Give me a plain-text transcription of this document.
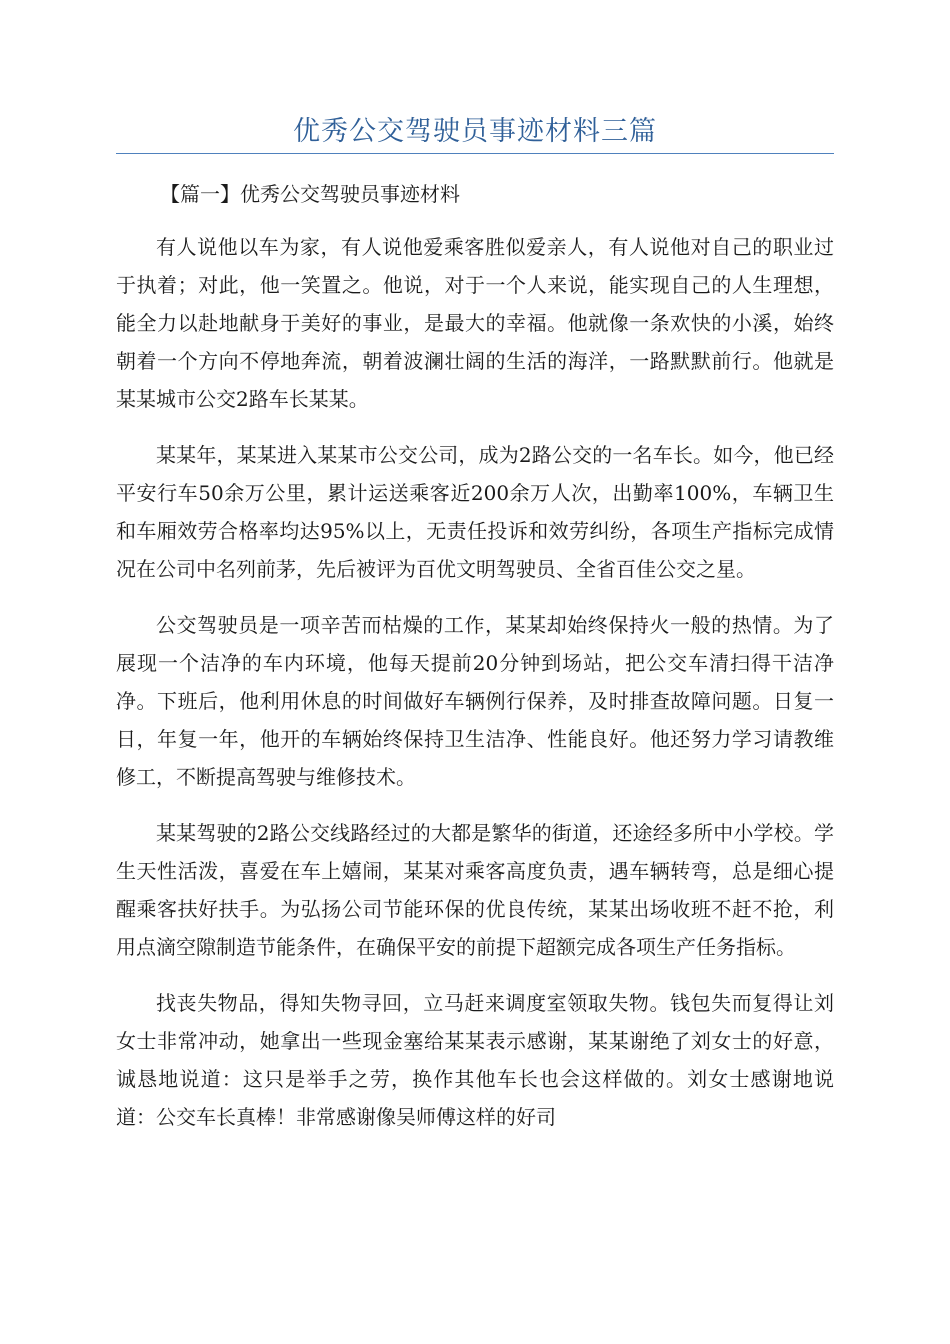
优秀公交驾驶员事迹材料三篇
【篇一】优秀公交驾驶员事迹材料

有人说他以车为家，有人说他爱乘客胜似爱亲人，有人说他对自己的职业过于执着；对此，他一笑置之。他说，对于一个人来说，能实现自己的人生理想，能全力以赴地献身于美好的事业，是最大的幸福。他就像一条欢快的小溪，始终朝着一个方向不停地奔流，朝着波澜壮阔的生活的海洋，一路默默前行。他就是某某城市公交2路车长某某。

某某年，某某进入某某市公交公司，成为2路公交的一名车长。如今，他已经平安行车50余万公里，累计运送乘客近200余万人次，出勤率100%，车辆卫生和车厢效劳合格率均达95%以上，无责任投诉和效劳纠纷，各项生产指标完成情况在公司中名列前茅，先后被评为百优文明驾驶员、全省百佳公交之星。

公交驾驶员是一项辛苦而枯燥的工作，某某却始终保持火一般的热情。为了展现一个洁净的车内环境，他每天提前20分钟到场站，把公交车清扫得干洁净净。下班后，他利用休息的时间做好车辆例行保养，及时排查故障问题。日复一日，年复一年，他开的车辆始终保持卫生洁净、性能良好。他还努力学习请教维修工，不断提高驾驶与维修技术。

某某驾驶的2路公交线路经过的大都是繁华的街道，还途经多所中小学校。学生天性活泼，喜爱在车上嬉闹，某某对乘客高度负责，遇车辆转弯，总是细心提醒乘客扶好扶手。为弘扬公司节能环保的优良传统，某某出场收班不赶不抢，利用点滴空隙制造节能条件，在确保平安的前提下超额完成各项生产任务指标。

找丧失物品，得知失物寻回，立马赶来调度室领取失物。钱包失而复得让刘女士非常冲动，她拿出一些现金塞给某某表示感谢，某某谢绝了刘女士的好意，诚恳地说道：这只是举手之劳，换作其他车长也会这样做的。刘女士感谢地说道：公交车长真棒！非常感谢像吴师傅这样的好司
